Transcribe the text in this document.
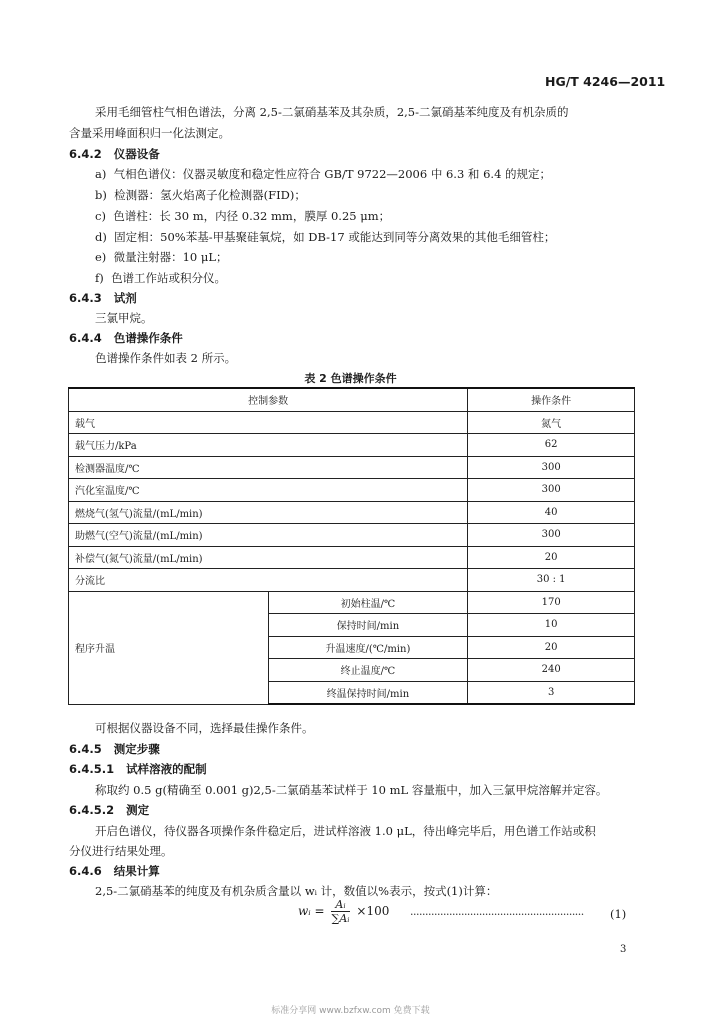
HG/T 4246—2011
采用毛细管柱气相色谱法，分离 2,5-二氯硝基苯及其杂质，2,5-二氯硝基苯纯度及有机杂质的
含量采用峰面积归一化法测定。
6.4.2 仪器设备
a) 气相色谱仪：仪器灵敏度和稳定性应符合 GB/T 9722—2006 中 6.3 和 6.4 的规定；
b) 检测器：氢火焰离子化检测器(FID)；
c) 色谱柱：长 30 m，内径 0.32 mm，膜厚 0.25 μm；
d) 固定相：50%苯基-甲基聚硅氧烷，如 DB-17 或能达到同等分离效果的其他毛细管柱；
e) 微量注射器：10 μL；
f) 色谱工作站或积分仪。
6.4.3 试剂
三氯甲烷。
6.4.4 色谱操作条件
色谱操作条件如表 2 所示。
表 2 色谱操作条件
控制参数		操作条件
载气		氮气
载气压力/kPa		62
检测器温度/℃		300
汽化室温度/℃		300
燃烧气(氢气)流量/(mL/min)		40
助燃气(空气)流量/(mL/min)		300
补偿气(氮气)流量/(mL/min)		20
分流比		30 : 1
程序升温	初始柱温/℃	170
	保持时间/min	10
	升温速度/(℃/min)	20
	终止温度/℃	240
	终温保持时间/min	3
可根据仪器设备不同，选择最佳操作条件。
6.4.5 测定步骤
6.4.5.1 试样溶液的配制
称取约 0.5 g(精确至 0.001 g)2,5-二氯硝基苯试样于 10 mL 容量瓶中，加入三氯甲烷溶解并定容。
6.4.5.2 测定
开启色谱仪，待仪器各项操作条件稳定后，进试样溶液 1.0 μL，待出峰完毕后，用色谱工作站或积
分仪进行结果处理。
6.4.6 结果计算
2,5-二氯硝基苯的纯度及有机杂质含量以 wᵢ 计，数值以%表示，按式(1)计算：
wᵢ = $\frac{\text{Aᵢ}}{\text{∑Aᵢ}} \times 100$ ··························································	(1)
3
标准分享网 www.bzfxw.com 免费下载
